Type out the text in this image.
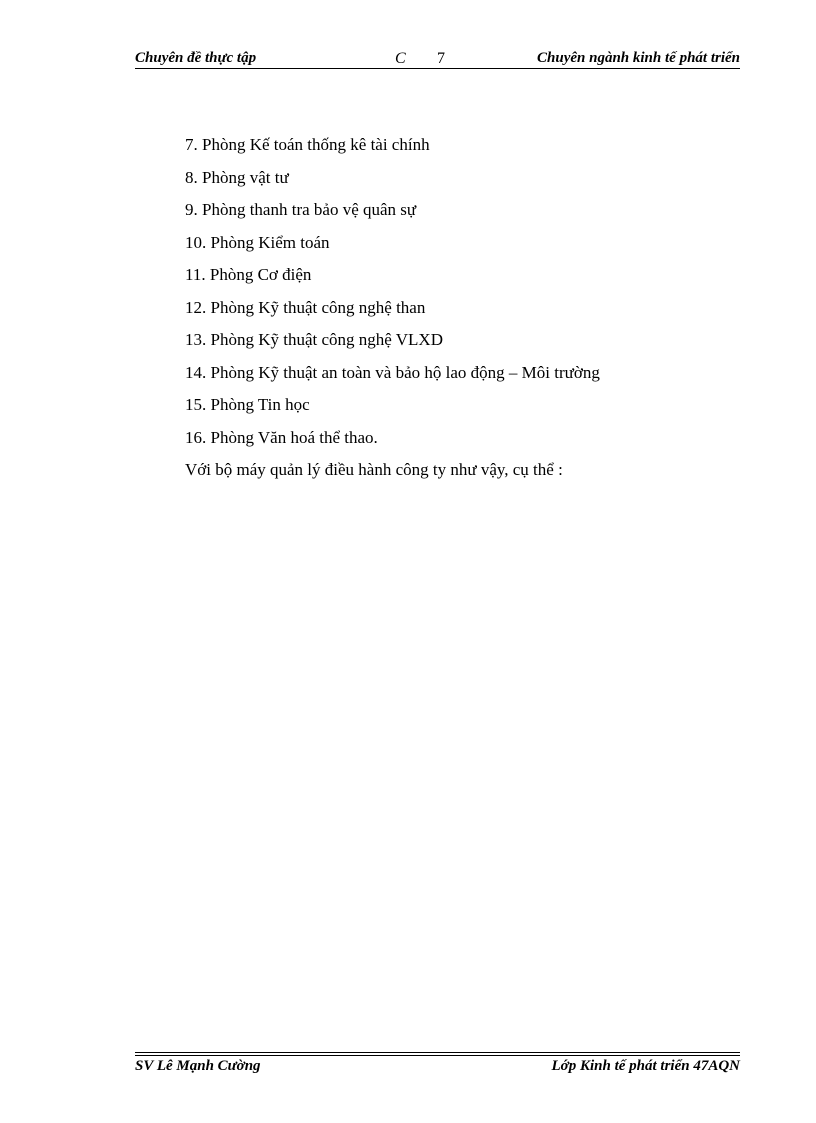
Chuyên đề thực tập	C 7	Chuyên ngành kinh tế phát triển

7. Phòng Kế toán thống kê tài chính

8. Phòng vật tư

9. Phòng thanh tra bảo vệ quân sự

10. Phòng Kiểm toán

11. Phòng Cơ điện

12. Phòng Kỹ thuật công nghệ than

13. Phòng Kỹ thuật công nghệ VLXD

14. Phòng Kỹ thuật an toàn và bảo hộ lao động – Môi trường

15. Phòng Tin học

16. Phòng Văn hoá thể thao.

Với bộ máy quản lý điều hành công ty như vậy, cụ thể :

SV Lê Mạnh Cường	Lớp Kinh tế phát triển 47AQN
